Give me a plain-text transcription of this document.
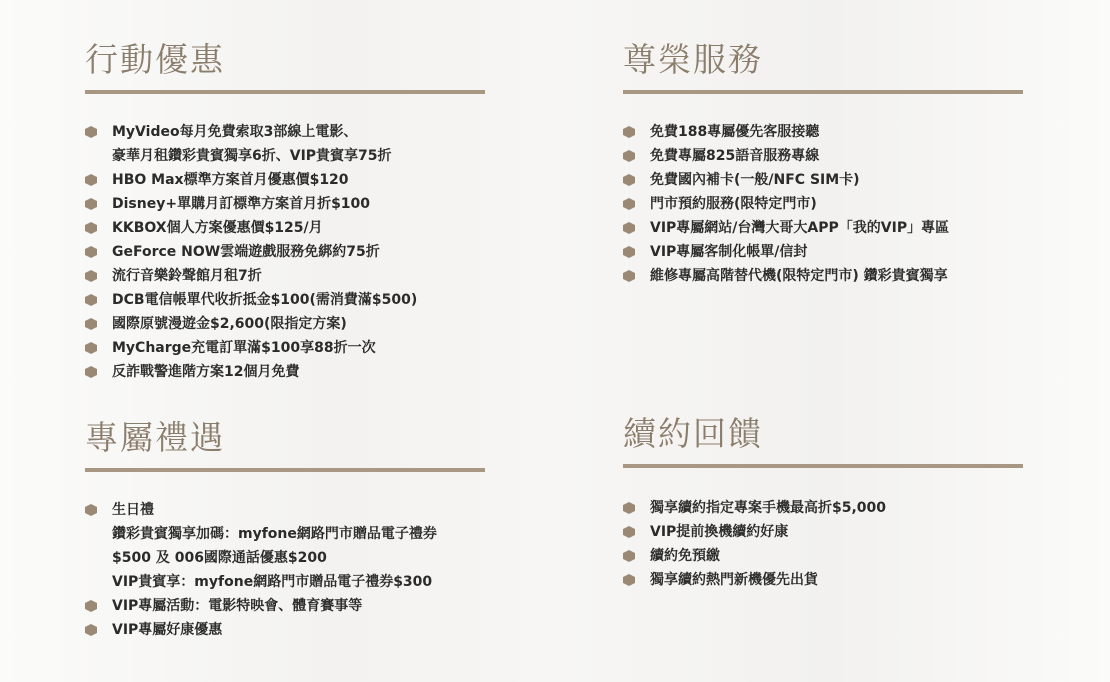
行動優惠
MyVideo每月免費索取3部線上電影、
豪華月租鑽彩貴賓獨享6折、VIP貴賓享75折
HBO Max標準方案首月優惠價$120
Disney+單購月訂標準方案首月折$100
KKBOX個人方案優惠價$125/月
GeForce NOW雲端遊戲服務免綁約75折
流行音樂鈴聲館月租7折
DCB電信帳單代收折抵金$100(需消費滿$500)
國際原號漫遊金$2,600(限指定方案)
MyCharge充電訂單滿$100享88折一次
反詐戰警進階方案12個月免費
尊榮服務
免費188專屬優先客服接聽
免費專屬825語音服務專線
免費國內補卡(一般/NFC SIM卡)
門市預約服務(限特定門市)
VIP專屬網站/台灣大哥大APP「我的VIP」專區
VIP專屬客制化帳單/信封
維修專屬高階替代機(限特定門市) 鑽彩貴賓獨享
專屬禮遇
生日禮
鑽彩貴賓獨享加碼：myfone網路門市贈品電子禮券
$500 及 006國際通話優惠$200
VIP貴賓享：myfone網路門市贈品電子禮券$300
VIP專屬活動：電影特映會、體育賽事等
VIP專屬好康優惠
續約回饋
獨享續約指定專案手機最高折$5,000
VIP提前換機續約好康
續約免預繳
獨享續約熱門新機優先出貨
